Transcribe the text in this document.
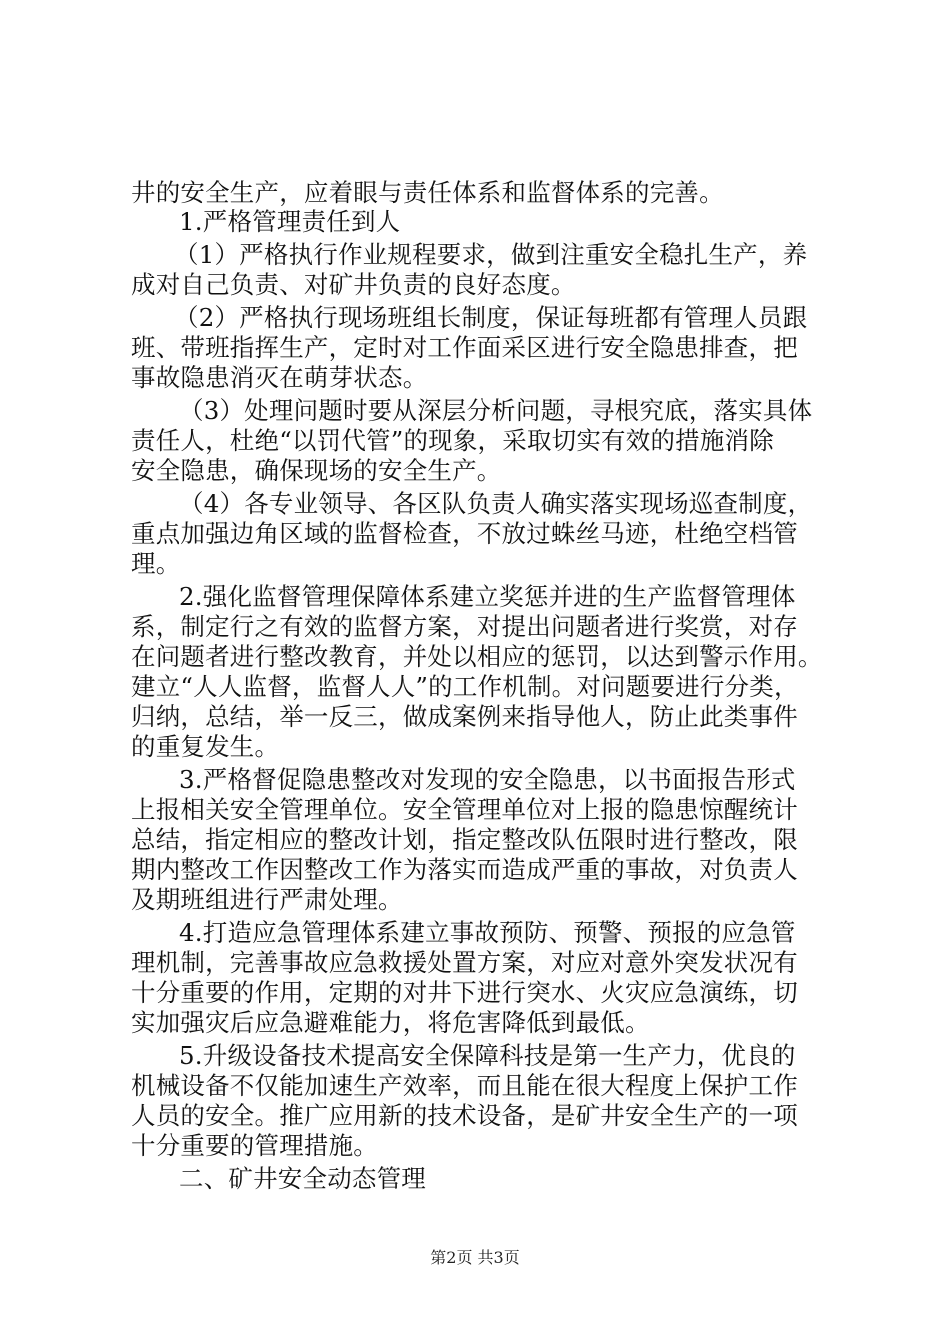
井的安全生产，应着眼与责任体系和监督体系的完善。
1.严格管理责任到人
（1）严格执行作业规程要求，做到注重安全稳扎生产，养
成对自己负责、对矿井负责的良好态度。
（2）严格执行现场班组长制度，保证每班都有管理人员跟
班、带班指挥生产，定时对工作面采区进行安全隐患排查，把
事故隐患消灭在萌芽状态。
（3）处理问题时要从深层分析问题，寻根究底，落实具体
责任人，杜绝“以罚代管”的现象，采取切实有效的措施消除
安全隐患，确保现场的安全生产。
（4）各专业领导、各区队负责人确实落实现场巡查制度，
重点加强边角区域的监督检查，不放过蛛丝马迹，杜绝空档管
理。
2.强化监督管理保障体系建立奖惩并进的生产监督管理体
系，制定行之有效的监督方案，对提出问题者进行奖赏，对存
在问题者进行整改教育，并处以相应的惩罚，以达到警示作用。
建立“人人监督，监督人人”的工作机制。对问题要进行分类，
归纳，总结，举一反三，做成案例来指导他人，防止此类事件
的重复发生。
3.严格督促隐患整改对发现的安全隐患，以书面报告形式
上报相关安全管理单位。安全管理单位对上报的隐患惊醒统计
总结，指定相应的整改计划，指定整改队伍限时进行整改，限
期内整改工作因整改工作为落实而造成严重的事故，对负责人
及期班组进行严肃处理。
4.打造应急管理体系建立事故预防、预警、预报的应急管
理机制，完善事故应急救援处置方案，对应对意外突发状况有
十分重要的作用，定期的对井下进行突水、火灾应急演练，切
实加强灾后应急避难能力，将危害降低到最低。
5.升级设备技术提高安全保障科技是第一生产力，优良的
机械设备不仅能加速生产效率，而且能在很大程度上保护工作
人员的安全。推广应用新的技术设备，是矿井安全生产的一项
十分重要的管理措施。
二、矿井安全动态管理
第2页 共3页
